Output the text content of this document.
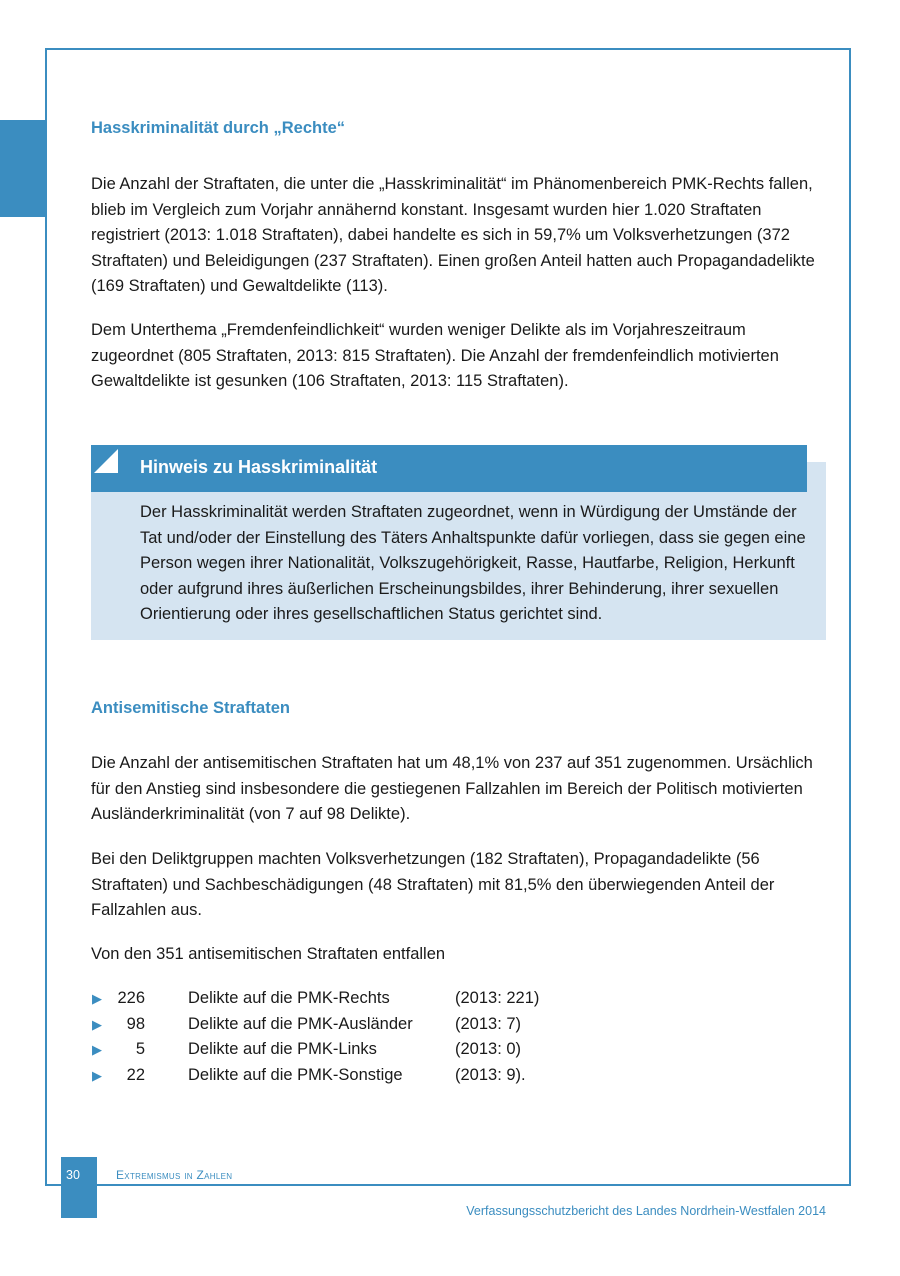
Hasskriminalität durch „Rechte“

Die Anzahl der Straftaten, die unter die „Hasskriminalität“ im Phänomenbereich PMK-Rechts fallen, blieb im Vergleich zum Vorjahr annähernd konstant. Insgesamt wurden hier 1.020 Straftaten registriert (2013: 1.018 Straftaten), dabei handelte es sich in 59,7% um Volksverhetzungen (372 Straftaten) und Beleidigungen (237 Straftaten). Einen großen Anteil hatten auch Propagandadelikte (169 Straftaten) und Gewaltdelikte (113).

Dem Unterthema „Fremdenfeindlichkeit“ wurden weniger Delikte als im Vorjahreszeitraum zugeordnet (805 Straftaten, 2013: 815 Straftaten). Die Anzahl der fremdenfeindlich motivierten Gewaltdelikte ist gesunken (106 Straftaten, 2013: 115 Straftaten).

Hinweis zu Hasskriminalität

Der Hasskriminalität werden Straftaten zugeordnet, wenn in Würdigung der Umstände der Tat und/oder der Einstellung des Täters Anhaltspunkte dafür vorliegen, dass sie gegen eine Person wegen ihrer Nationalität, Volkszugehörigkeit, Rasse, Hautfarbe, Religion, Herkunft oder aufgrund ihres äußerlichen Erscheinungsbildes, ihrer Behinderung, ihrer sexuellen Orientierung oder ihres gesellschaftlichen Status gerichtet sind.

Antisemitische Straftaten

Die Anzahl der antisemitischen Straftaten hat um 48,1% von 237 auf 351 zugenommen. Ursächlich für den Anstieg sind insbesondere die gestiegenen Fallzahlen im Bereich der Politisch motivierten Ausländerkriminalität (von 7 auf 98 Delikte).

Bei den Deliktgruppen machten Volksverhetzungen (182 Straftaten), Propagandadelikte (56 Straftaten) und Sachbeschädigungen (48 Straftaten) mit 81,5% den überwiegenden Anteil der Fallzahlen aus.

Von den 351 antisemitischen Straftaten entfallen

▶ 226	Delikte auf die PMK-Rechts	(2013: 221)
▶	98	Delikte auf die PMK-Ausländer	(2013: 7)
▶	5	Delikte auf die PMK-Links	(2013: 0)
▶	22	Delikte auf die PMK-Sonstige	(2013: 9).
30	Extremismus in Zahlen
Verfassungsschutzbericht des Landes Nordrhein-Westfalen 2014
